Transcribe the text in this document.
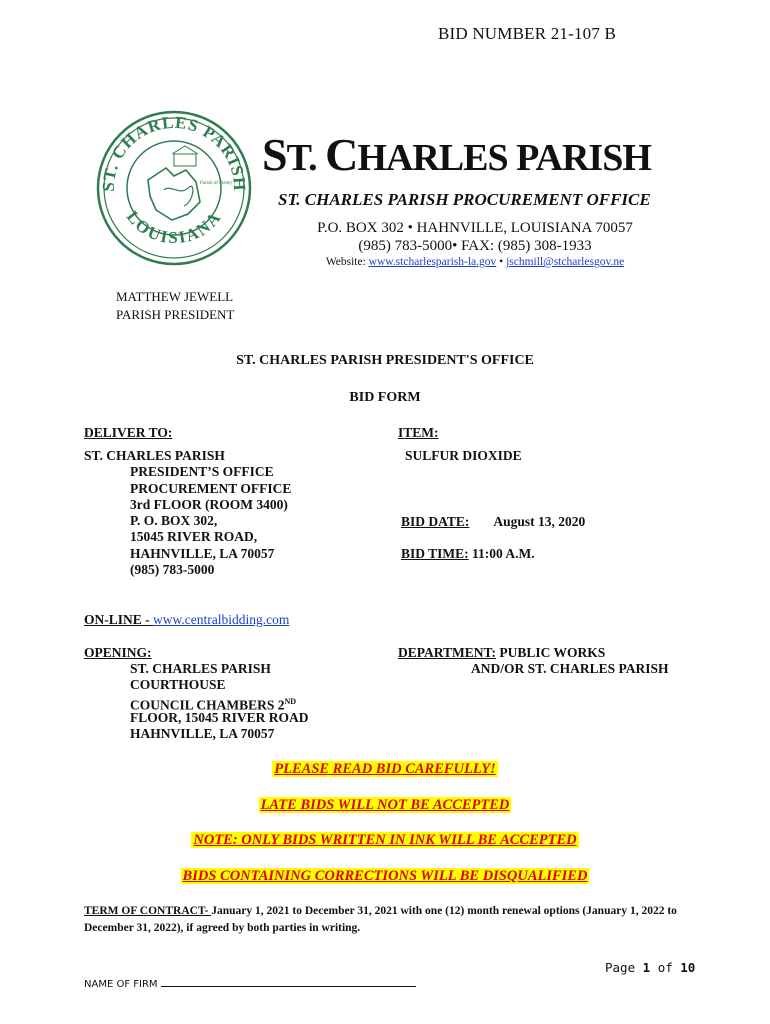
BID NUMBER 21-107 B
ST. CHARLES PARISH
LOUISIANA
Parish of Plenty
ST. CHARLES PARISH
ST. CHARLES PARISH PROCUREMENT OFFICE
P.O. BOX 302 • HAHNVILLE, LOUISIANA 70057
(985) 783-5000• FAX: (985) 308-1933
Website: www.stcharlesparish-la.gov • jschmill@stcharlesgov.ne
MATTHEW JEWELL
PARISH PRESIDENT
ST. CHARLES PARISH PRESIDENT'S OFFICE
BID FORM
DELIVER TO:
ST. CHARLES PARISH
PRESIDENT’S OFFICE
PROCUREMENT OFFICE
3rd FLOOR (ROOM 3400)
P. O. BOX 302,
15045 RIVER ROAD,
HAHNVILLE, LA 70057
(985) 783-5000
ITEM:
SULFUR DIOXIDE
BID DATE: August 13, 2020
BID TIME: 11:00 A.M.
ON-LINE - www.centralbidding.com
OPENING:
ST. CHARLES PARISH
COURTHOUSE
COUNCIL CHAMBERS 2ND
FLOOR, 15045 RIVER ROAD
HAHNVILLE, LA 70057
DEPARTMENT: PUBLIC WORKS
AND/OR ST. CHARLES PARISH
PLEASE READ BID CAREFULLY!
LATE BIDS WILL NOT BE ACCEPTED
NOTE: ONLY BIDS WRITTEN IN INK WILL BE ACCEPTED
BIDS CONTAINING CORRECTIONS WILL BE DISQUALIFIED
TERM OF CONTRACT- January 1, 2021 to December 31, 2021 with one (12) month renewal options (January 1, 2022 to December 31, 2022), if agreed by both parties in writing.
Page 1 of 10
NAME OF FIRM
